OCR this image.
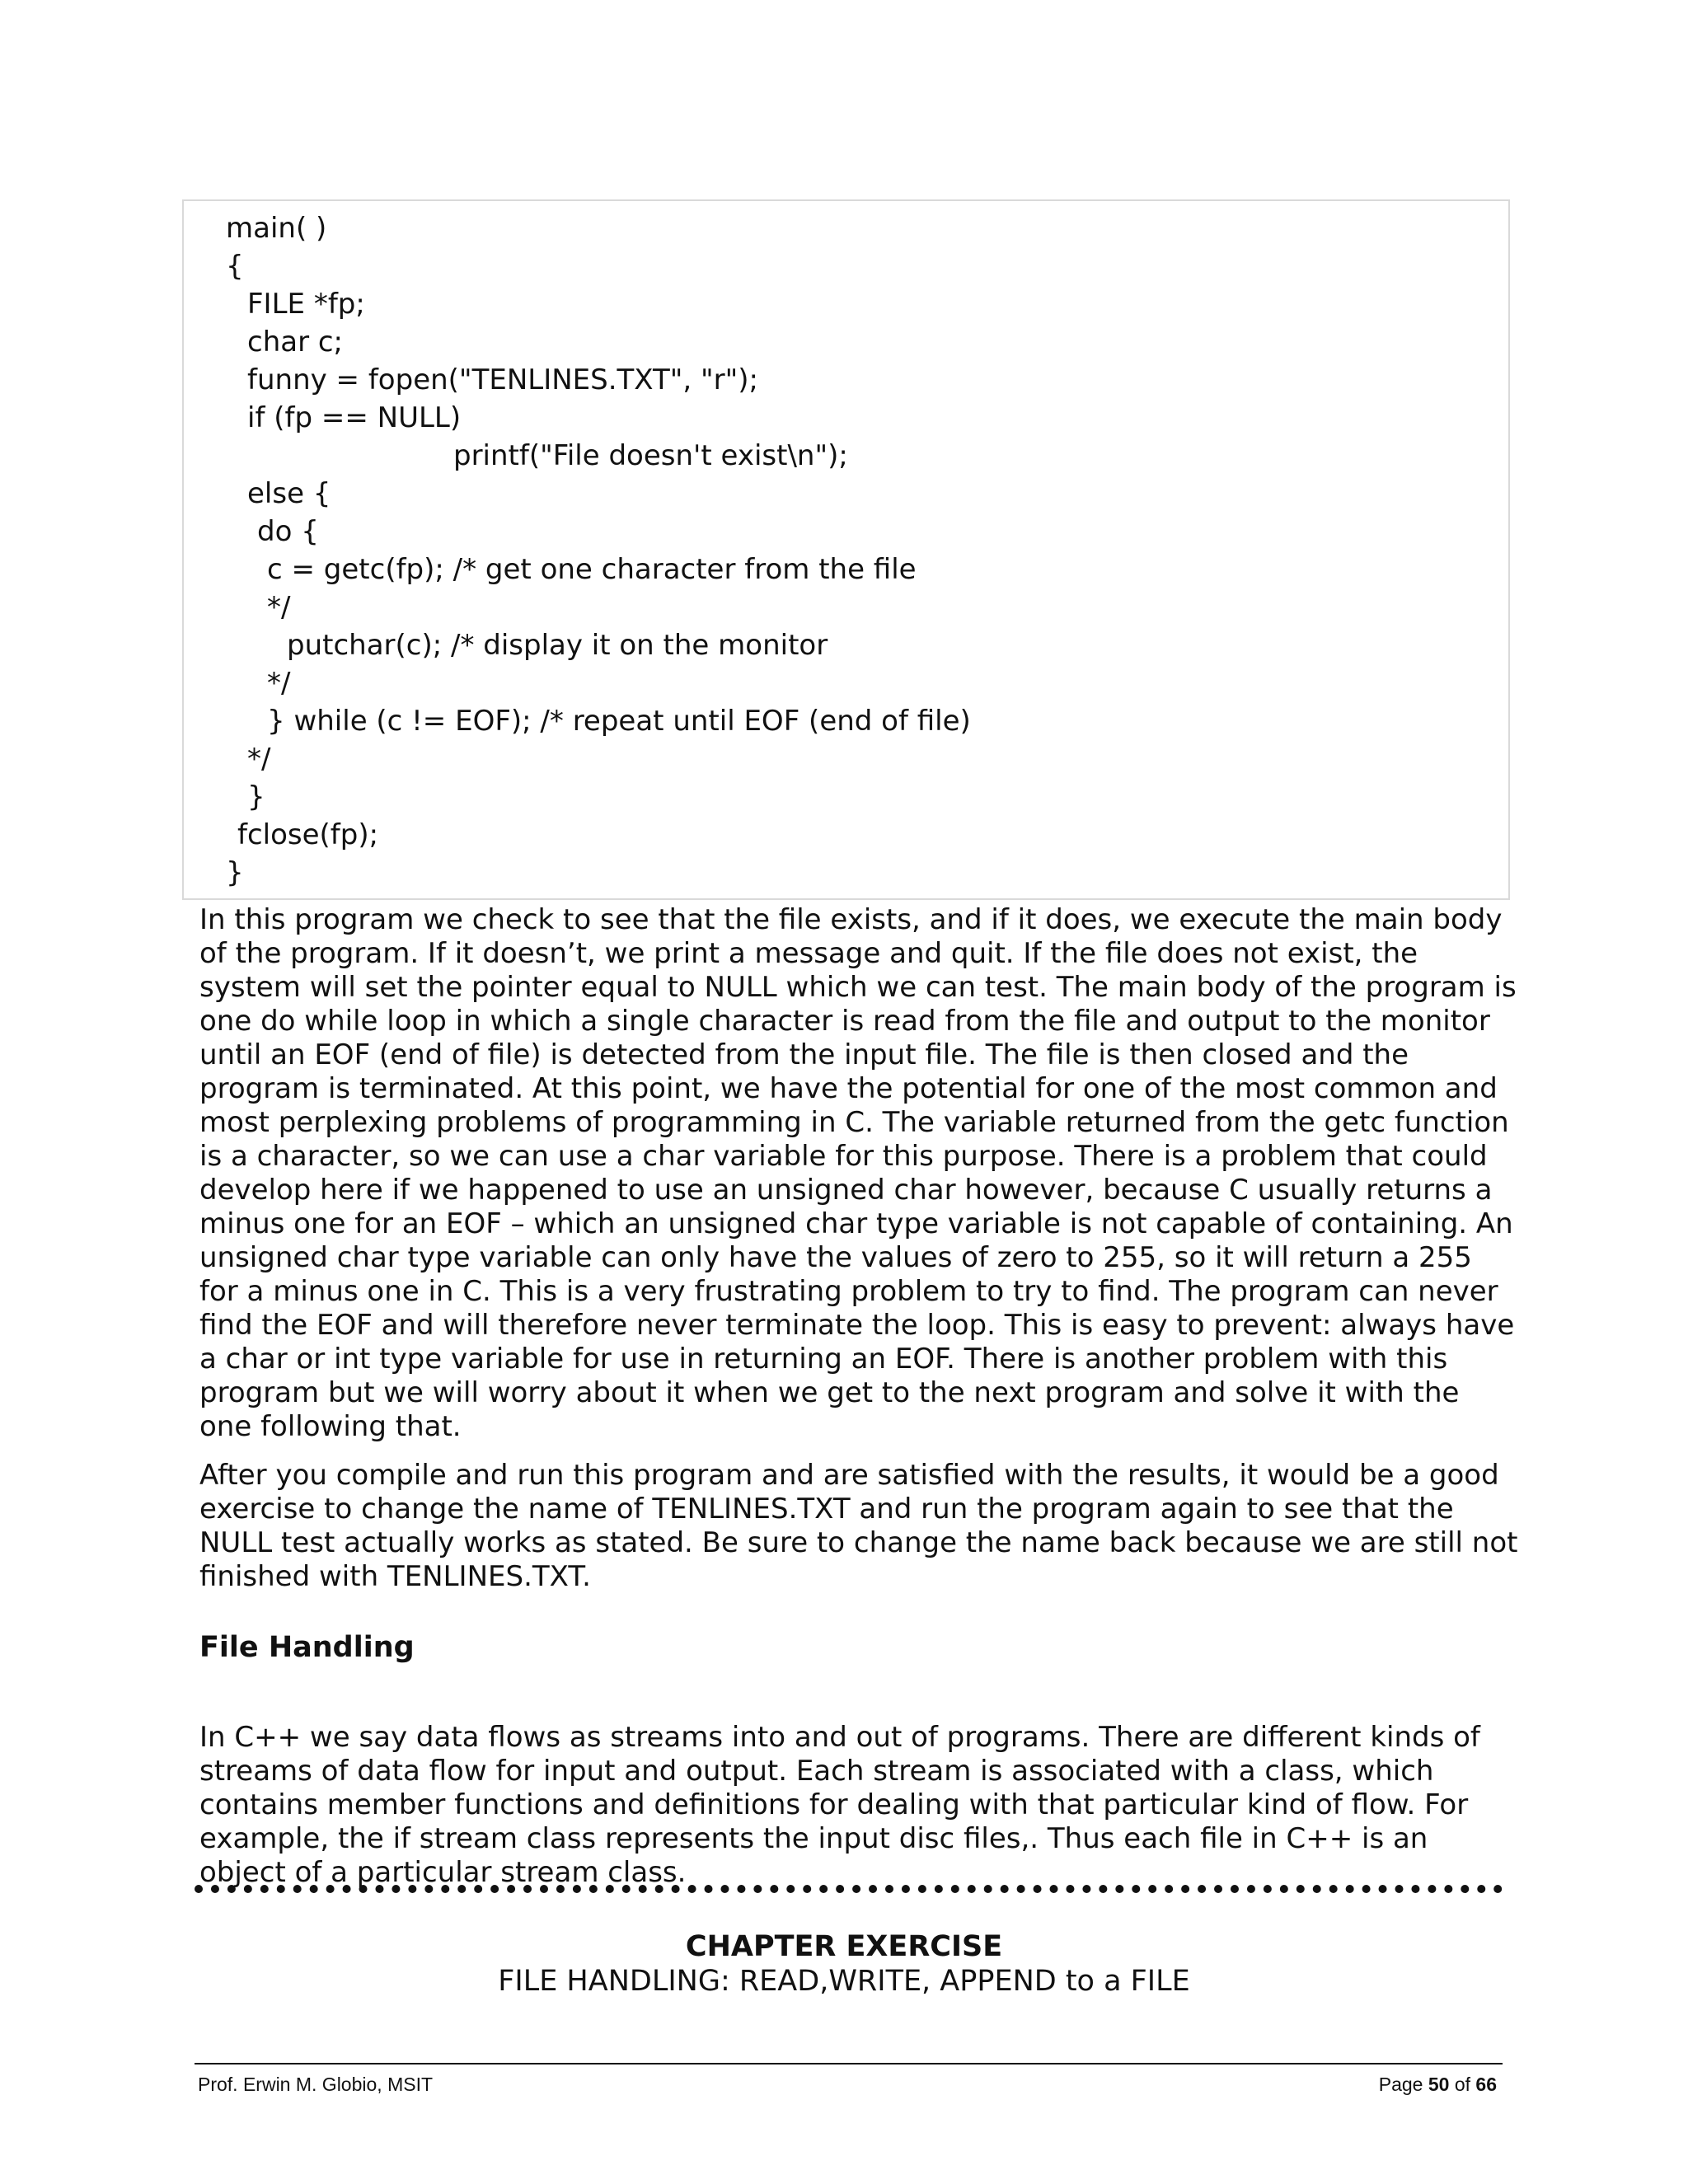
main( )
{
FILE *fp;
char c;
funny = fopen("TENLINES.TXT", "r");
if (fp == NULL)
printf("File doesn't exist\n");
else {
do {
c = getc(fp); /* get one character from the file
*/
putchar(c); /* display it on the monitor
*/
} while (c != EOF); /* repeat until EOF (end of file)
*/
}
fclose(fp);
}

In this program we check to see that the file exists, and if it does, we execute the main body of the program. If it doesn’t, we print a message and quit. If the file does not exist, the system will set the pointer equal to NULL which we can test. The main body of the program is one do while loop in which a single character is read from the file and output to the monitor until an EOF (end of file) is detected from the input file. The file is then closed and the program is terminated. At this point, we have the potential for one of the most common and most perplexing problems of programming in C. The variable returned from the getc function is a character, so we can use a char variable for this purpose. There is a problem that could develop here if we happened to use an unsigned char however, because C usually returns a minus one for an EOF – which an unsigned char type variable is not capable of containing. An unsigned char type variable can only have the values of zero to 255, so it will return a 255 for a minus one in C. This is a very frustrating problem to try to find. The program can never find the EOF and will therefore never terminate the loop. This is easy to prevent: always have a char or int type variable for use in returning an EOF. There is another problem with this program but we will worry about it when we get to the next program and solve it with the one following that.

After you compile and run this program and are satisfied with the results, it would be a good exercise to change the name of TENLINES.TXT and run the program again to see that the NULL test actually works as stated. Be sure to change the name back because we are still not finished with TENLINES.TXT.

File Handling

In C++ we say data flows as streams into and out of programs. There are different kinds of streams of data flow for input and output. Each stream is associated with a class, which contains member functions and definitions for dealing with that particular kind of flow. For example, the if stream class represents the input disc files,. Thus each file in C++ is an object of a particular stream class.

CHAPTER EXERCISE

FILE HANDLING: READ,WRITE, APPEND to a FILE

Prof. Erwin M. Globio, MSIT	Page 50 of 66
